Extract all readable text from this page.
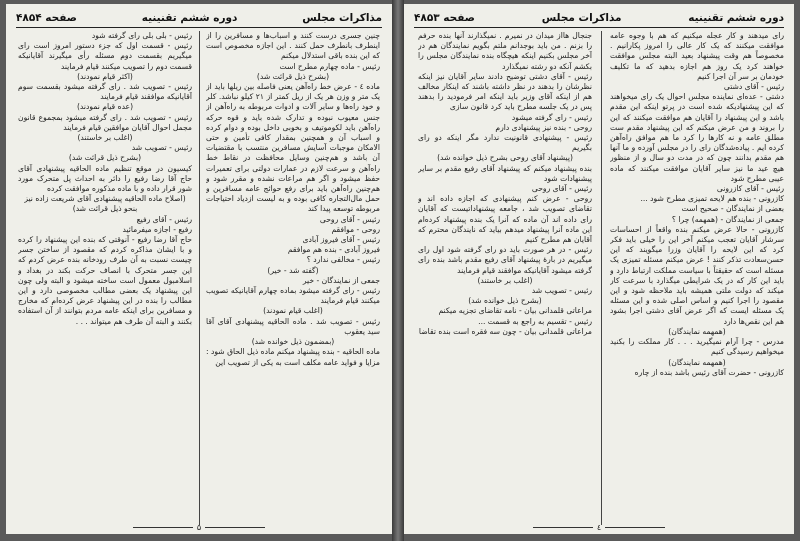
مذاکرات مجلس
دوره ششم تقنینیه
صفحه ۴۸۵۴

چنین جسری درست کنند و اسباب‌ها و مسافرین را از اینطرف بانطرف حمل کنند . این اجازه مخصوص است که این بنده باقی استدلال میکنم

رئیس - ماده چهارم مطرح است

(بشرح ذیل قرائت شد)

ماده ٤ - عرض خط راه‌آهن یعنی فاصله بین ریلها باید از یک متر و وزن هر یک از ریل کمتر از ۲۱ کیلو نباشد. کلر و خود راه‌ها و سایر آلات و ادوات مربوطه به راه‌آهن از جنس معیوب نبوده و تدارک شده باید و قوه حرکه راه‌آهن باید لکوموتیف و بخوبی داخل بوده و دوام کرده و اسباب آن و همچنین بمقدار کافی تأمین و حتی الامکان موجبات آسایش مسافرین منتسب با مقتضیات آن باشد و هم‌چنین وسایل محافظت در نقاط خط راه‌آهن و سرعت لازم در عمارات دولتی برای تعمیرات حفظ میشود و اگر هم مراعات نشده و مقرر شود و هم‌چنین راه‌آهن باید برای رفع حوائج عامه مسافرین و حمل مال‌التجاره کافی بوده و به لیست ازدیاد احتیاجات مربوطه توسعه پیدا کند

رئیس - آقای روحی

روحی - موافقم

رئیس - آقای فیروز آبادی

فیروز آبادی - بنده هم موافقم

رئیس - مخالفی ندارد ؟

(گفته شد - خیر)

جمعی از نمایندگان - خیر

رئیس - رای گرفته میشود بماده چهارم آقایانیکه تصویب میکنند قیام فرمایند

(اغلب قیام نمودند)

رئیس - تصویب شد . ماده الحاقیه پیشنهادی آقای آقا سید یعقوب

(بمضمون ذیل خوانده شد)

ماده الحاقیه - بنده پیشنهاد میکنم ماده ذیل الحاق شود : مزایا و فواید عامه مکلف است به یکی از تصویب این

رئیس - بلی بلی رای گرفته شود

رئیس - قسمت اول که جزء دستور امروز است رای میگیریم بقسمت دوم مسئله رأی میگیرند آقایانیکه قسمت دوم را تصویب میکنند قیام فرمایند

(اکثر قیام نمودند)

رئیس - تصویب شد . رای گرفته میشود بقسمت سوم آقایانیکه موافقند قیام فرمایند

(عده قیام نمودند)

رئیس - تصویب شد . رای گرفته میشود بمجموع قانون مجمل احوال آقایان موافقین قیام فرمایند

(اغلب بر خاستند)

رئیس - تصویب شد

(بشرح ذیل قرائت شد)

کیسیون در موقع تنظیم ماده الحاقیه پیشنهادی آقای حاج آقا رضا رفیع را دائر به احداث پل متحرک مورد شور قرار داده و با ماده مذکوره موافقت کرده

(اصلاح ماده الحاقیه پیشنهادی آقای شریعت زاده نیز بنحو ذیل قرائت شد)

رئیس - آقای رفیع

رفیع - اجازه میفرمائید

حاج آقا رضا رفیع - آنوقتی که بنده این پیشنهاد را کرده و با ایشان مذاکره کردم که مقصود از ساختن جسر چیست نسبت به آن طرف رودخانه بنده عرض کردم که این جسر متحرک با انصاف حرکت بکند در بغداد و اسلامبول معمول است ساخته میشود و البته ولی چون این پیشنهاد یک بعضی مطالب مخصوصی دارد و این مطالب را بنده در این پیشنهاد عرض کرده‌ام که مخارج و مسافرین برای اینکه عامه مردم بتوانند از آن استفاده بکنند و البته آن طرف هم میتواند . . .

۵
دوره ششم تقنینیه
مذاکرات مجلس
صفحه ۴۸۵۳

رای میدهند و کار عجله میکنیم که هم با وجوه عامه موافقت میکنند که یک کار عالی را امروز پکارانیم . مخصوصاً هم وقت پیشنهاد بعید البته مجلس موافقت خواهند کرد یک روز هم اجازه بدهید که ما تکلیف خودمان بر سر آن اجرا کنیم

رئیس - آقای دشتی

دشتی - عده‌ای نماینده مجلس احوال یک رای میخواهند که این پیشنهادیکه شده است در پرتو اینکه این مقدم باشد و این پیشنهاد را آقایان هم موافقت میکنند که این را بروند و من عرض میکنم که این پیشنهاد مقدم ست مطلق عامه و نه کارها را کرد ما هم موافق راه‌آهن کرده ایم . پیاده‌شدگان رای را در مجلس آورده و ما آنها هم مقدم بدانند چون که در مدت دو سال و از منظور هیچ عید ما نیز سایر آقایان موافقت میکنند که ماده عیبی مطرح شود

رئیس - آقای کازرونی

کازرونی - بنده هم لایحه تمیزی مطرح شود ...

بعضی از نمایندگان - صحیح است

جمعی از نمایندگان - (همهمه) چرا ؟

کازرونی - حالا عرض میکنم بنده واقعاً از احساسات سرشار آقایان تعجب میکنم آخر این را خیلی باید فکر کرد که این لایحه را آقایان وزرا میگویند که این حسن‌سعادت تذکر کنند ! عرض میکنم مسئله تمیزی یک مسئله است که حقیقتاً با سیاست مملکت ارتباط دارد و باید این کار که در یک شرایطی میگذارد با سرعت کار میکند که دولت ملتی همیشه باید ملاحظه شود و این مقصود را اجرا کنیم و اساس اصلی شده و این مسئله یک مسئله ایست که اگر عرض آقای دشتی اجرا بشود هم این نقص‌ها دارد

(همهمه نمایندگان)

مدرس - چرا آرام نمیگیرید . . . کار مملکت را بکنید میخواهیم رسیدگی کنیم

(همهمه نمایندگان)

کازرونی - حضرت آقای رئیس باشد بنده از چاره

جنجال هااز میدان در نمیرم . نمیگذارند آنها بنده حرفم را بزنم . من باید بوجدانم ملتم بگویم نمایندگان هم در آخر مجلس بکنیم اینکه هیچگاه بنده نمایندگان مجلس را بکشم آنکه دو رشته نمیگذارد

رئیس - آقای دشتی توضیح دادند سایر آقایان نیز اینکه نظرشان را بدهند در نظر داشته باشند که اینکار مخالف هم از اینکه آقای وزیر باید اینکه امر فرمودید را بدهند پس در یک جلسه مطرح باید کرد قانون سازی

رئیس - رای گرفته میشود

روحی - بنده نیز پیشنهادی دارم

رئیس - پیشنهادی قانونیت ندارد مگر اینکه دو رای بگیریم

(پیشنهاد آقای روحی بشرح ذیل خوانده شد)

بنده پیشنهاد میکنم که پیشنهاد آقای رفیع مقدم بر سایر پیشنهادات شود

رئیس - آقای روحی

روحی - عرض کنم پیشنهادی که اجازه داده اند و تقاضای تصویب شد ، جامعه پیشنهاداتیست که آقایان رای داده اند آن ماده که آنرا یک بنده پیشنهاد کرده‌ام این ماده آنرا پیشنهاد میدهم بیاید که نایندگان محترم که آقایان هم مطرح کنیم

رئیس - در هر صورت باید دو رای گرفته شود اول رای میگیریم در بارهٔ پیشنهاد آقای رفیع مقدم باشد بنده رای گرفته میشود آقایانیکه موافقند قیام فرمایند

(اغلب بر خاستند)

رئیس - تصویب شد

(بشرح ذیل خوانده شد)

مراعاتی قلمدانی بیان - نامه تقاضای تجزیه میکنم

رئیس - تقسیم به راجع به قسمت ...

مراعاتی قلمدانی بیان - چون سه فقره است بنده تقاضا

٤
